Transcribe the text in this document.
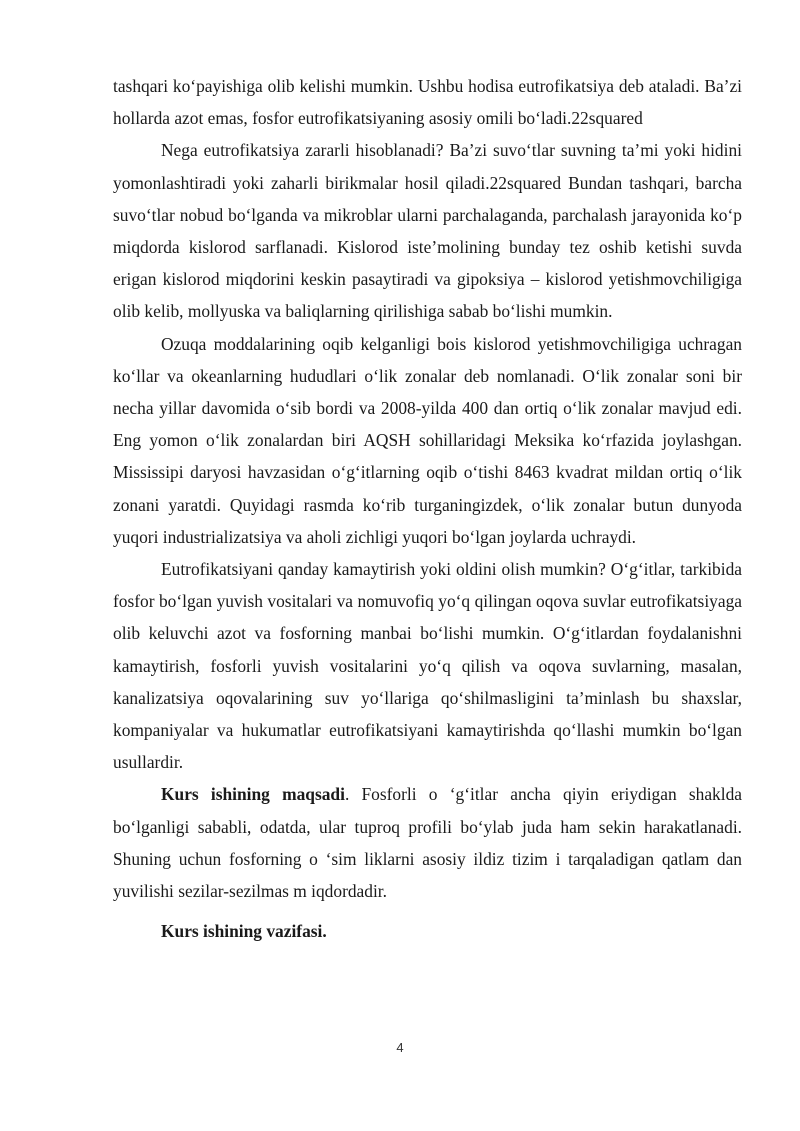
tashqari ko‘payishiga olib kelishi mumkin. Ushbu hodisa eutrofikatsiya deb ataladi. Ba’zi hollarda azot emas, fosfor eutrofikatsiyaning asosiy omili bo‘ladi.22squared

Nega eutrofikatsiya zararli hisoblanadi? Ba’zi suvo‘tlar suvning ta’mi yoki hidini yomonlashtiradi yoki zaharli birikmalar hosil qiladi.22squared Bundan tashqari, barcha suvo‘tlar nobud bo‘lganda va mikroblar ularni parchalaganda, parchalash jarayonida ko‘p miqdorda kislorod sarflanadi. Kislorod iste’molining bunday tez oshib ketishi suvda erigan kislorod miqdorini keskin pasaytiradi va gipoksiya – kislorod yetishmovchiligiga olib kelib, mollyuska va baliqlarning qirilishiga sabab bo‘lishi mumkin.

Ozuqa moddalarining oqib kelganligi bois kislorod yetishmovchiligiga uchragan ko‘llar va okeanlarning hududlari o‘lik zonalar deb nomlanadi. O‘lik zonalar soni bir necha yillar davomida o‘sib bordi va 2008-yilda 400 dan ortiq o‘lik zonalar mavjud edi. Eng yomon o‘lik zonalardan biri AQSH sohillaridagi Meksika ko‘rfazida joylashgan. Mississipi daryosi havzasidan o‘g‘itlarning oqib o‘tishi 8463 kvadrat mildan ortiq o‘lik zonani yaratdi. Quyidagi rasmda ko‘rib turganingizdek, o‘lik zonalar butun dunyoda yuqori industrializatsiya va aholi zichligi yuqori bo‘lgan joylarda uchraydi.

Eutrofikatsiyani qanday kamaytirish yoki oldini olish mumkin? O‘g‘itlar, tarkibida fosfor bo‘lgan yuvish vositalari va nomuvofiq yo‘q qilingan oqova suvlar eutrofikatsiyaga olib keluvchi azot va fosforning manbai bo‘lishi mumkin. O‘g‘itlardan foydalanishni kamaytirish, fosforli yuvish vositalarini yo‘q qilish va oqova suvlarning, masalan, kanalizatsiya oqovalarining suv yo‘llariga qo‘shilmasligini ta’minlash bu shaxslar, kompaniyalar va hukumatlar eutrofikatsiyani kamaytirishda qo‘llashi mumkin bo‘lgan usullardir.

Kurs ishining maqsadi. Fosforli o ‘g‘itlar ancha qiyin eriydigan shaklda bo‘lganligi sababli, odatda, ular tuproq profili bo‘ylab juda ham sekin harakatlanadi. Shuning uchun fosforning o ‘sim liklarni asosiy ildiz tizim i tarqaladigan qatlam dan yuvilishi sezilar-sezilmas m iqdordadir.

Kurs ishining vazifasi.

4
